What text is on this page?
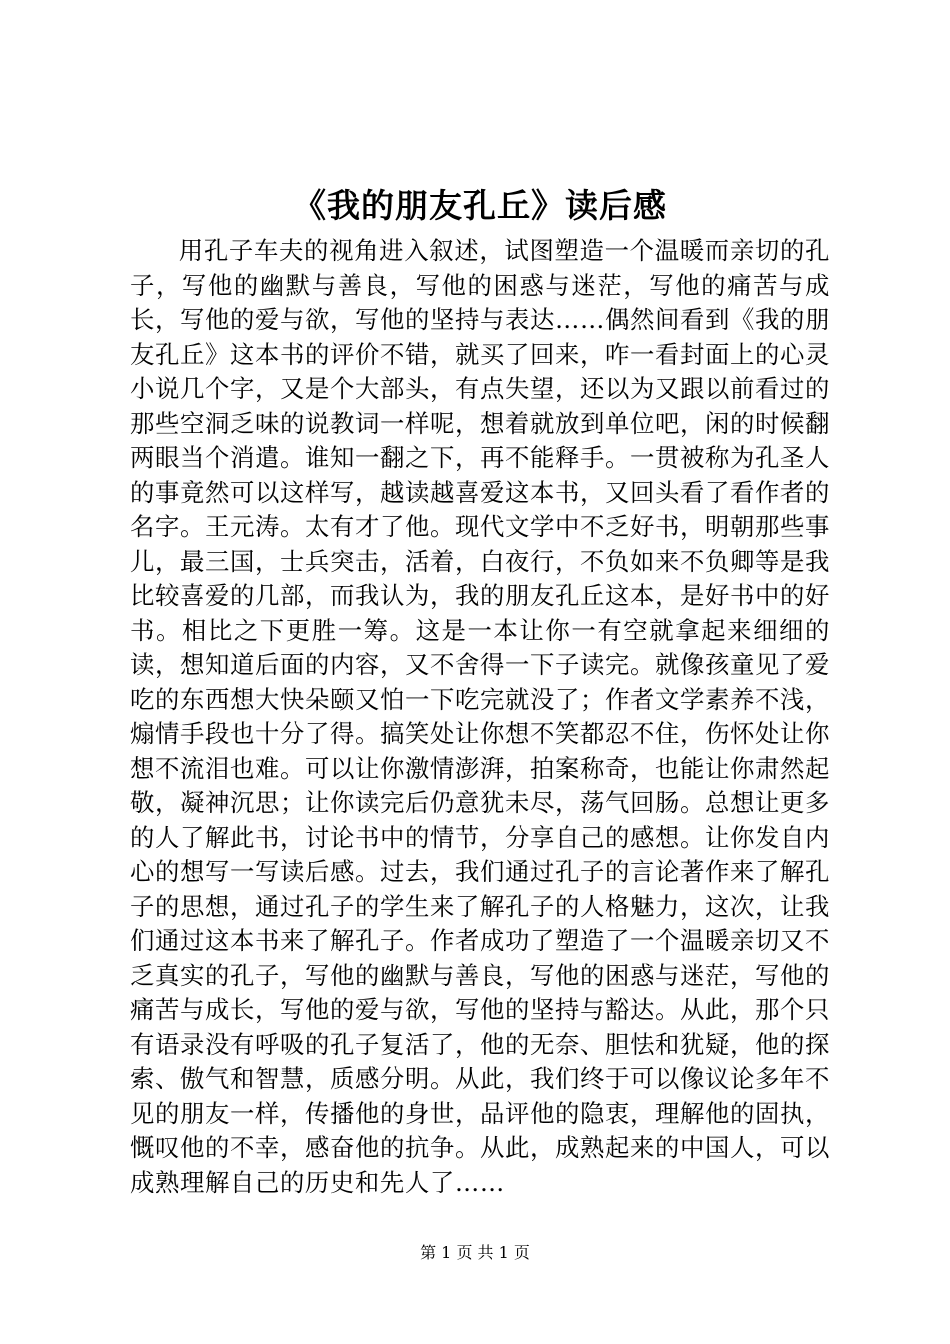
《我的朋友孔丘》读后感

用孔子车夫的视角进入叙述，试图塑造一个温暖而亲切的孔子，写他的幽默与善良，写他的困惑与迷茫，写他的痛苦与成长，写他的爱与欲，写他的坚持与表达……偶然间看到《我的朋友孔丘》这本书的评价不错，就买了回来，咋一看封面上的心灵小说几个字，又是个大部头，有点失望，还以为又跟以前看过的那些空洞乏味的说教词一样呢，想着就放到单位吧，闲的时候翻两眼当个消遣。谁知一翻之下，再不能释手。一贯被称为孔圣人的事竟然可以这样写，越读越喜爱这本书，又回头看了看作者的名字。王元涛。太有才了他。现代文学中不乏好书，明朝那些事儿，最三国，士兵突击，活着，白夜行，不负如来不负卿等是我比较喜爱的几部，而我认为，我的朋友孔丘这本，是好书中的好书。相比之下更胜一筹。这是一本让你一有空就拿起来细细的读，想知道后面的内容，又不舍得一下子读完。就像孩童见了爱吃的东西想大快朵颐又怕一下吃完就没了；作者文学素养不浅，煽情手段也十分了得。搞笑处让你想不笑都忍不住，伤怀处让你想不流泪也难。可以让你激情澎湃，拍案称奇，也能让你肃然起敬，凝神沉思；让你读完后仍意犹未尽，荡气回肠。总想让更多的人了解此书，讨论书中的情节，分享自己的感想。让你发自内心的想写一写读后感。过去，我们通过孔子的言论著作来了解孔子的思想，通过孔子的学生来了解孔子的人格魅力，这次，让我们通过这本书来了解孔子。作者成功了塑造了一个温暖亲切又不乏真实的孔子，写他的幽默与善良，写他的困惑与迷茫，写他的痛苦与成长，写他的爱与欲，写他的坚持与豁达。从此，那个只有语录没有呼吸的孔子复活了，他的无奈、胆怯和犹疑，他的探索、傲气和智慧，质感分明。从此，我们终于可以像议论多年不见的朋友一样，传播他的身世，品评他的隐衷，理解他的固执，慨叹他的不幸，感奋他的抗争。从此，成熟起来的中国人，可以成熟理解自己的历史和先人了……

第 1 页 共 1 页
